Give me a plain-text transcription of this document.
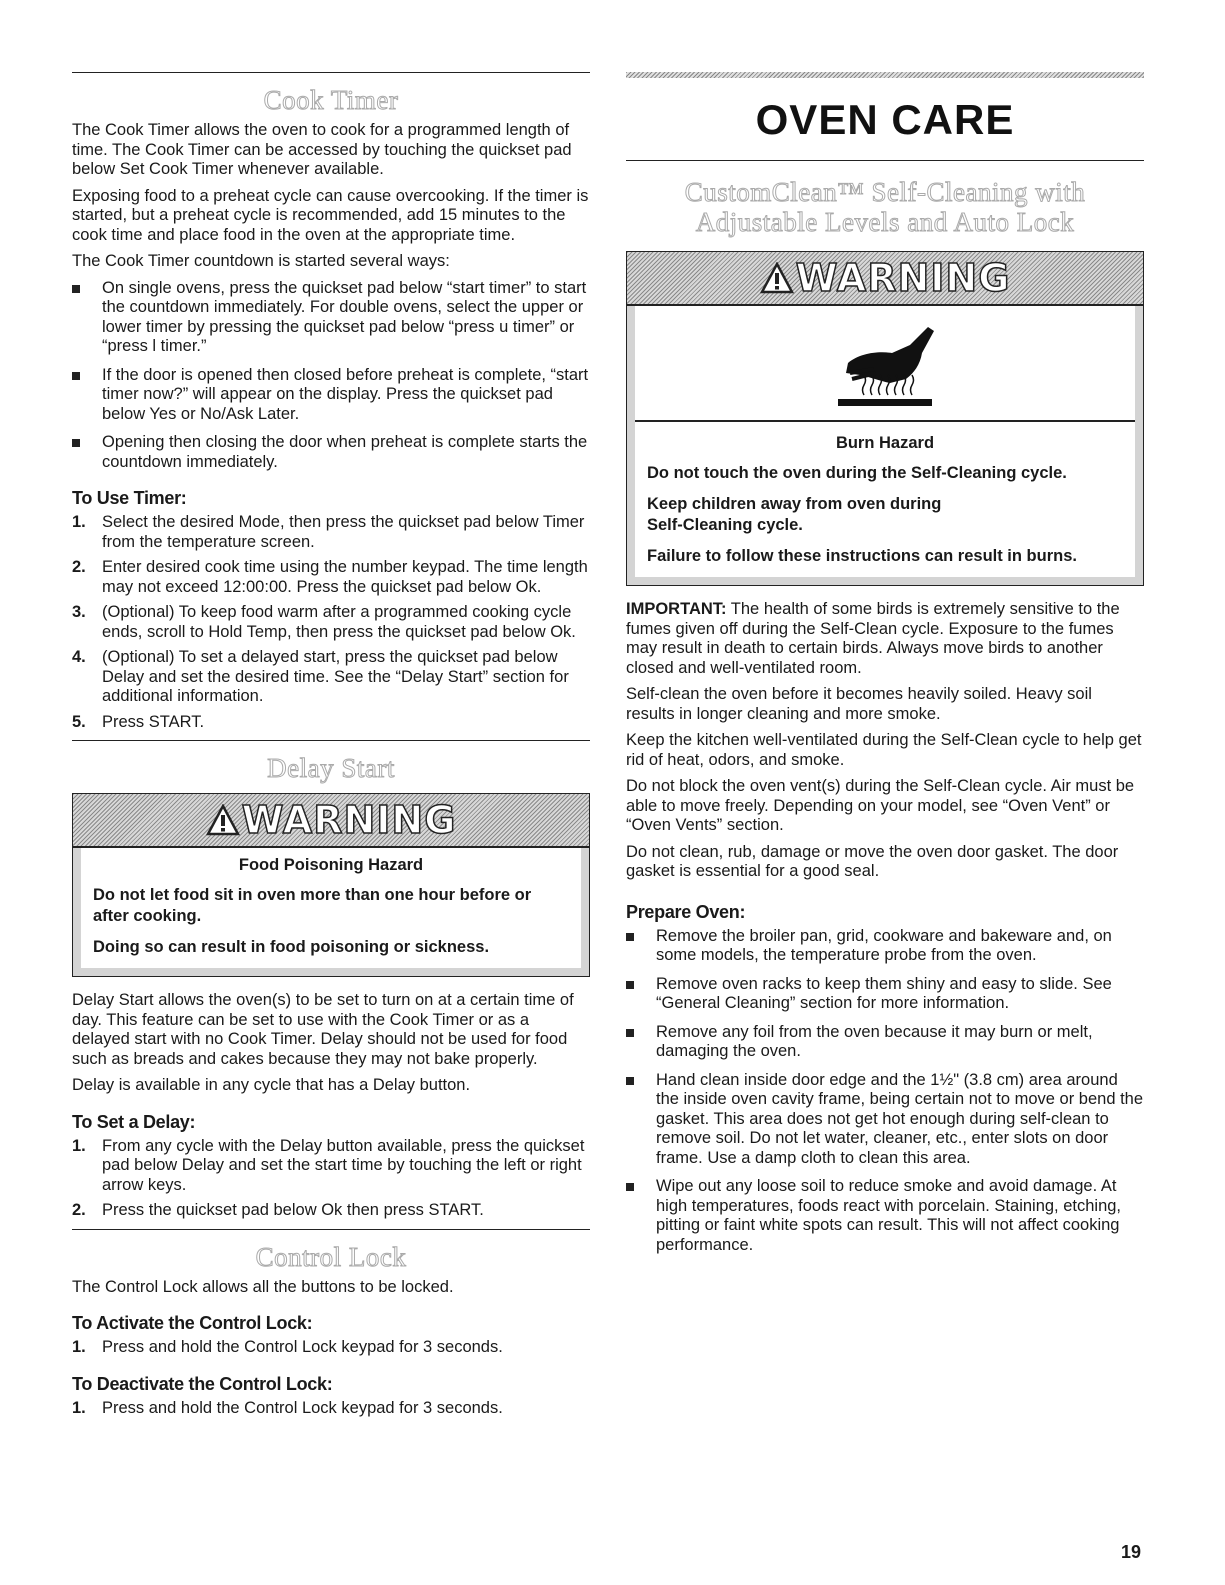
Cook Timer

The Cook Timer allows the oven to cook for a programmed length of time. The Cook Timer can be accessed by touching the quickset pad below Set Cook Timer whenever available.

Exposing food to a preheat cycle can cause overcooking. If the timer is started, but a preheat cycle is recommended, add 15 minutes to the cook time and place food in the oven at the appropriate time.

The Cook Timer countdown is started several ways:

On single ovens, press the quickset pad below “start timer” to start the countdown immediately. For double ovens, select the upper or lower timer by pressing the quickset pad below “press u timer” or “press l timer.”
If the door is opened then closed before preheat is complete, “start timer now?” will appear on the display. Press the quickset pad below Yes or No/Ask Later.
Opening then closing the door when preheat is complete starts the countdown immediately.
To Use Timer:
1. Select the desired Mode, then press the quickset pad below Timer from the temperature screen.
2. Enter desired cook time using the number keypad. The time length may not exceed 12:00:00. Press the quickset pad below Ok.
3. (Optional) To keep food warm after a programmed cooking cycle ends, scroll to Hold Temp, then press the quickset pad below Ok.
4. (Optional) To set a delayed start, press the quickset pad below Delay and set the desired time. See the “Delay Start” section for additional information.
5. Press START.
Delay Start
WARNING
Food Poisoning Hazard

Do not let food sit in oven more than one hour before or after cooking.

Doing so can result in food poisoning or sickness.

Delay Start allows the oven(s) to be set to turn on at a certain time of day. This feature can be set to use with the Cook Timer or as a delayed start with no Cook Timer. Delay should not be used for food such as breads and cakes because they may not bake properly.

Delay is available in any cycle that has a Delay button.

To Set a Delay:
1. From any cycle with the Delay button available, press the quickset pad below Delay and set the start time by touching the left or right arrow keys.
2. Press the quickset pad below Ok then press START.
Control Lock

The Control Lock allows all the buttons to be locked.

To Activate the Control Lock:
1. Press and hold the Control Lock keypad for 3 seconds.
To Deactivate the Control Lock:
1. Press and hold the Control Lock keypad for 3 seconds.
OVEN CARE
CustomClean™ Self-Cleaning with
Adjustable Levels and Auto Lock
WARNING
Burn Hazard

Do not touch the oven during the Self-Cleaning cycle.

Keep children away from oven during Self-Cleaning cycle.

Failure to follow these instructions can result in burns.

IMPORTANT: The health of some birds is extremely sensitive to the fumes given off during the Self-Clean cycle. Exposure to the fumes may result in death to certain birds. Always move birds to another closed and well-ventilated room.

Self-clean the oven before it becomes heavily soiled. Heavy soil results in longer cleaning and more smoke.

Keep the kitchen well-ventilated during the Self-Clean cycle to help get rid of heat, odors, and smoke.

Do not block the oven vent(s) during the Self-Clean cycle. Air must be able to move freely. Depending on your model, see “Oven Vent” or “Oven Vents” section.

Do not clean, rub, damage or move the oven door gasket. The door gasket is essential for a good seal.

Prepare Oven:
Remove the broiler pan, grid, cookware and bakeware and, on some models, the temperature probe from the oven.
Remove oven racks to keep them shiny and easy to slide. See “General Cleaning” section for more information.
Remove any foil from the oven because it may burn or melt, damaging the oven.
Hand clean inside door edge and the 1½" (3.8 cm) area around the inside oven cavity frame, being certain not to move or bend the gasket. This area does not get hot enough during self-clean to remove soil. Do not let water, cleaner, etc., enter slots on door frame. Use a damp cloth to clean this area.
Wipe out any loose soil to reduce smoke and avoid damage. At high temperatures, foods react with porcelain. Staining, etching, pitting or faint white spots can result. This will not affect cooking performance.
19
